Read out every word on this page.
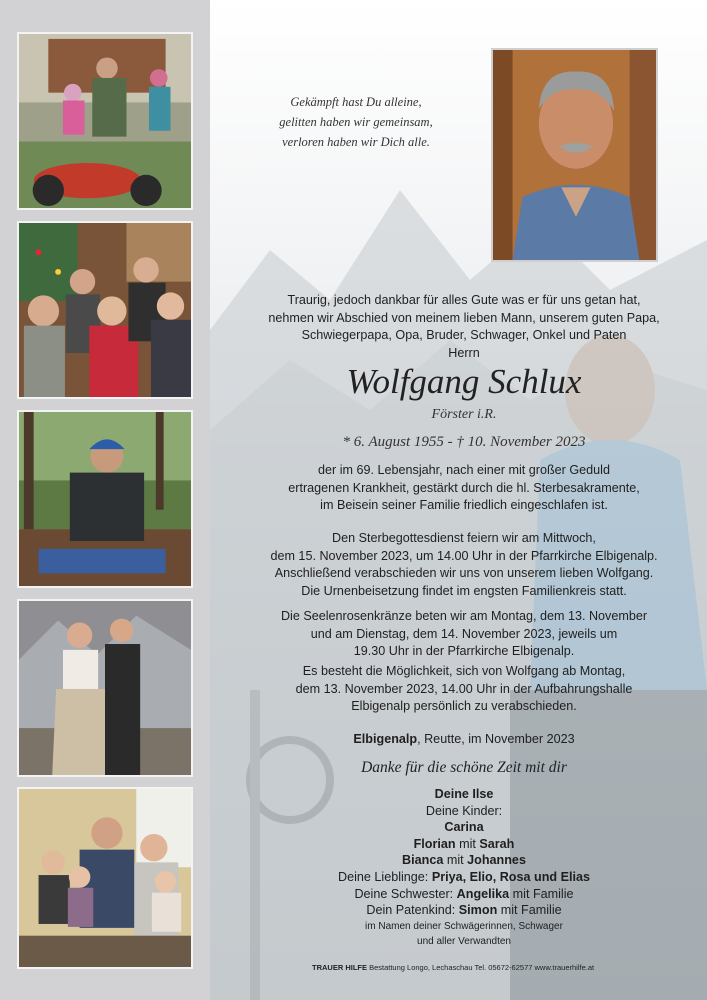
Gekämpft hast Du alleine,
gelitten haben wir gemeinsam,
verloren haben wir Dich alle.
Traurig, jedoch dankbar für alles Gute was er für uns getan hat,
nehmen wir Abschied von meinem lieben Mann, unserem guten Papa,
Schwiegerpapa, Opa, Bruder, Schwager, Onkel und Paten
Herrn
Wolfgang Schlux
Förster i.R.
* 6. August 1955 - † 10. November 2023
der im 69. Lebensjahr, nach einer mit großer Geduld
ertragenen Krankheit, gestärkt durch die hl. Sterbesakramente,
im Beisein seiner Familie friedlich eingeschlafen ist.
Den Sterbegottesdienst feiern wir am Mittwoch,
dem 15. November 2023, um 14.00 Uhr in der Pfarrkirche Elbigenalp.
Anschließend verabschieden wir uns von unserem lieben Wolfgang.
Die Urnenbeisetzung findet im engsten Familienkreis statt.
Die Seelenrosenkränze beten wir am Montag, dem 13. November
und am Dienstag, dem 14. November 2023, jeweils um
19.30 Uhr in der Pfarrkirche Elbigenalp.
Es besteht die Möglichkeit, sich von Wolfgang ab Montag,
dem 13. November 2023, 14.00 Uhr in der Aufbahrungshalle
Elbigenalp persönlich zu verabschieden.
Elbigenalp, Reutte, im November 2023
Danke für die schöne Zeit mit dir
Deine Ilse
Deine Kinder:
Carina
Florian mit Sarah
Bianca mit Johannes
Deine Lieblinge: Priya, Elio, Rosa und Elias
Deine Schwester: Angelika mit Familie
Dein Patenkind: Simon mit Familie
im Namen deiner Schwägerinnen, Schwager
und aller Verwandten
TRAUER HILFE Bestattung Longo, Lechaschau Tel. 05672-62577 www.trauerhilfe.at
